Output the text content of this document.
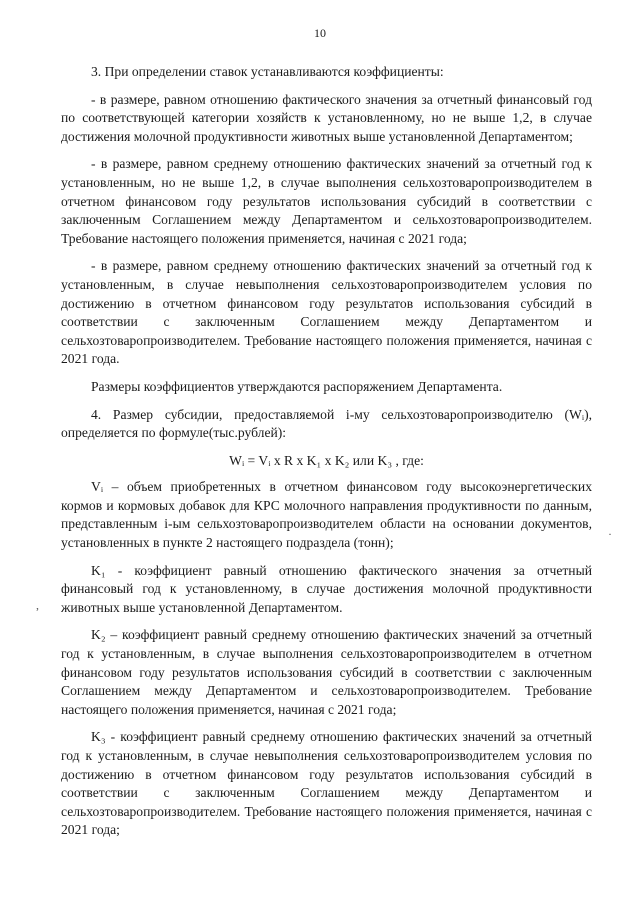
10

3. При определении ставок устанавливаются коэффициенты:

- в размере, равном отношению фактического значения за отчетный финансовый год по соответствующей категории хозяйств к установленному, но не выше 1,2, в случае достижения молочной продуктивности животных выше установленной Департаментом;

- в размере, равном среднему отношению фактических значений за отчетный год к установленным, но не выше 1,2, в случае выполнения сельхозтоваропроизводителем в отчетном финансовом году результатов использования субсидий в соответствии с заключенным Соглашением между Департаментом и сельхозтоваропроизводителем. Требование настоящего положения применяется, начиная с 2021 года;

- в размере, равном среднему отношению фактических значений за отчетный год к установленным, в случае невыполнения сельхозтоваропроизводителем условия по достижению в отчетном финансовом году результатов использования субсидий в соответствии с заключенным Соглашением между Департаментом и сельхозтоваропроизводителем. Требование настоящего положения применяется, начиная с 2021 года.

Размеры коэффициентов утверждаются распоряжением Департамента.

4. Размер субсидии, предоставляемой i-му сельхозтоваропроизводителю (Wᵢ), определяется по формуле(тыс.рублей):

Wᵢ = Vᵢ x R x K₁ x K₂ или K₃ , где:

Vᵢ – объем приобретенных в отчетном финансовом году высокоэнергетических кормов и кормовых добавок для КРС молочного направления продуктивности по данным, представленным i-ым сельхозтоваропроизводителем области на основании документов, установленных в пункте 2 настоящего подраздела (тонн);

K₁ - коэффициент равный отношению фактического значения за отчетный финансовый год к установленному, в случае достижения молочной продуктивности животных выше установленной Департаментом.

K₂ – коэффициент равный среднему отношению фактических значений за отчетный год к установленным, в случае выполнения сельхозтоваропроизводителем в отчетном финансовом году результатов использования субсидий в соответствии с заключенным Соглашением между Департаментом и сельхозтоваропроизводителем. Требование настоящего положения применяется, начиная с 2021 года;

K₃ - коэффициент равный среднему отношению фактических значений за отчетный год к установленным, в случае невыполнения сельхозтоваропроизводителем условия по достижению в отчетном финансовом году результатов использования субсидий в соответствии с заключенным Соглашением между Департаментом и сельхозтоваропроизводителем. Требование настоящего положения применяется, начиная с 2021 года;

·
,
